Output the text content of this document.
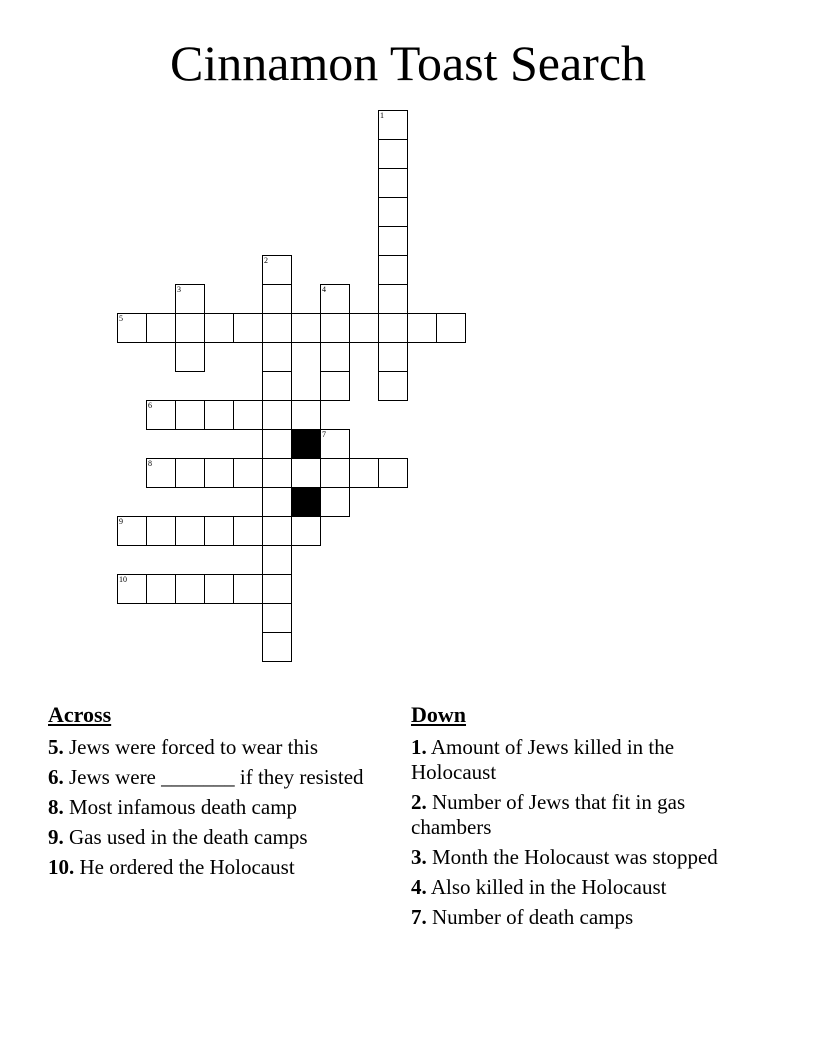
Cinnamon Toast Search
1
2
3	4
7
5
6
8
9
10
Across
5. Jews were forced to wear this
6. Jews were _______ if they resisted
8. Most infamous death camp
9. Gas used in the death camps
10. He ordered the Holocaust
Down
1. Amount of Jews killed in the Holocaust
2. Number of Jews that fit in gas chambers
3. Month the Holocaust was stopped
4. Also killed in the Holocaust
7. Number of death camps
